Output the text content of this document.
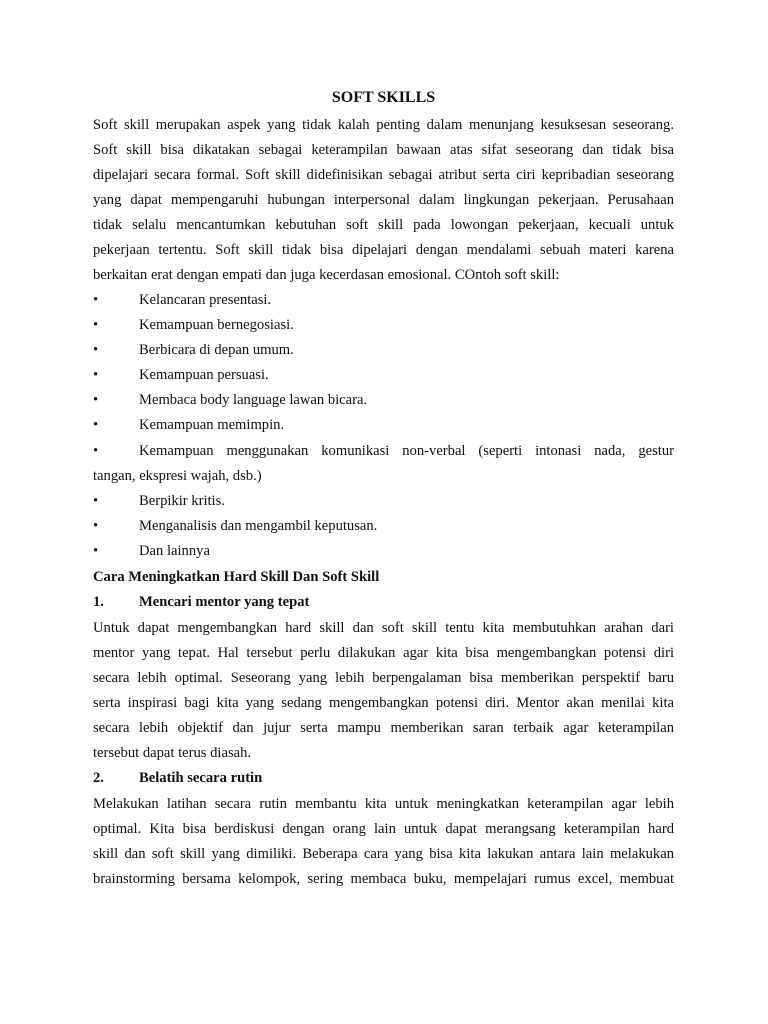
SOFT SKILLS
Soft skill merupakan aspek yang tidak kalah penting dalam menunjang kesuksesan seseorang.
Soft skill bisa dikatakan sebagai keterampilan bawaan atas sifat seseorang dan tidak bisa
dipelajari secara formal. Soft skill didefinisikan sebagai atribut serta ciri kepribadian seseorang
yang dapat mempengaruhi hubungan interpersonal dalam lingkungan pekerjaan. Perusahaan
tidak selalu mencantumkan kebutuhan soft skill pada lowongan pekerjaan, kecuali untuk
pekerjaan tertentu. Soft skill tidak bisa dipelajari dengan mendalami sebuah materi karena
berkaitan erat dengan empati dan juga kecerdasan emosional. COntoh soft skill:
•	Kelancaran presentasi.
•	Kemampuan bernegosiasi.
•	Berbicara di depan umum.
•	Kemampuan persuasi.
•	Membaca body language lawan bicara.
•	Kemampuan memimpin.
•	Kemampuan menggunakan komunikasi non-verbal (seperti intonasi nada, gestur
tangan, ekspresi wajah, dsb.)
•	Berpikir kritis.
•	Menganalisis dan mengambil keputusan.
•	Dan lainnya
Cara Meningkatkan Hard Skill Dan Soft Skill
1. Mencari mentor yang tepat
Untuk dapat mengembangkan hard skill dan soft skill tentu kita membutuhkan arahan dari
mentor yang tepat. Hal tersebut perlu dilakukan agar kita bisa mengembangkan potensi diri
secara lebih optimal. Seseorang yang lebih berpengalaman bisa memberikan perspektif baru
serta inspirasi bagi kita yang sedang mengembangkan potensi diri. Mentor akan menilai kita
secara lebih objektif dan jujur serta mampu memberikan saran terbaik agar keterampilan
tersebut dapat terus diasah.
2. Belatih secara rutin
Melakukan latihan secara rutin membantu kita untuk meningkatkan keterampilan agar lebih
optimal. Kita bisa berdiskusi dengan orang lain untuk dapat merangsang keterampilan hard
skill dan soft skill yang dimiliki. Beberapa cara yang bisa kita lakukan antara lain melakukan
brainstorming bersama kelompok, sering membaca buku, mempelajari rumus excel, membuat
